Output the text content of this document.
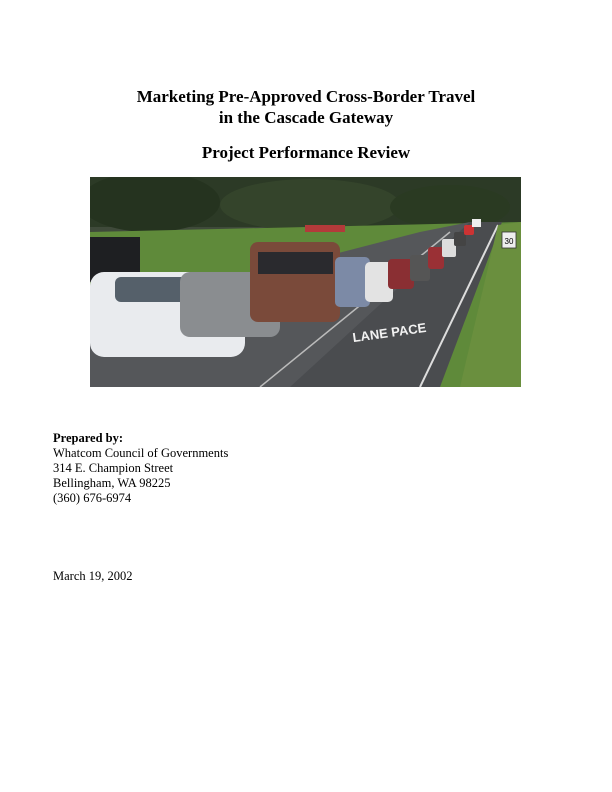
Marketing Pre-Approved Cross-Border Travel
in the Cascade Gateway
Project Performance Review
30
LANE PACE
Prepared by:
Whatcom Council of Governments
314 E. Champion Street
Bellingham, WA 98225
(360) 676-6974
March 19, 2002
